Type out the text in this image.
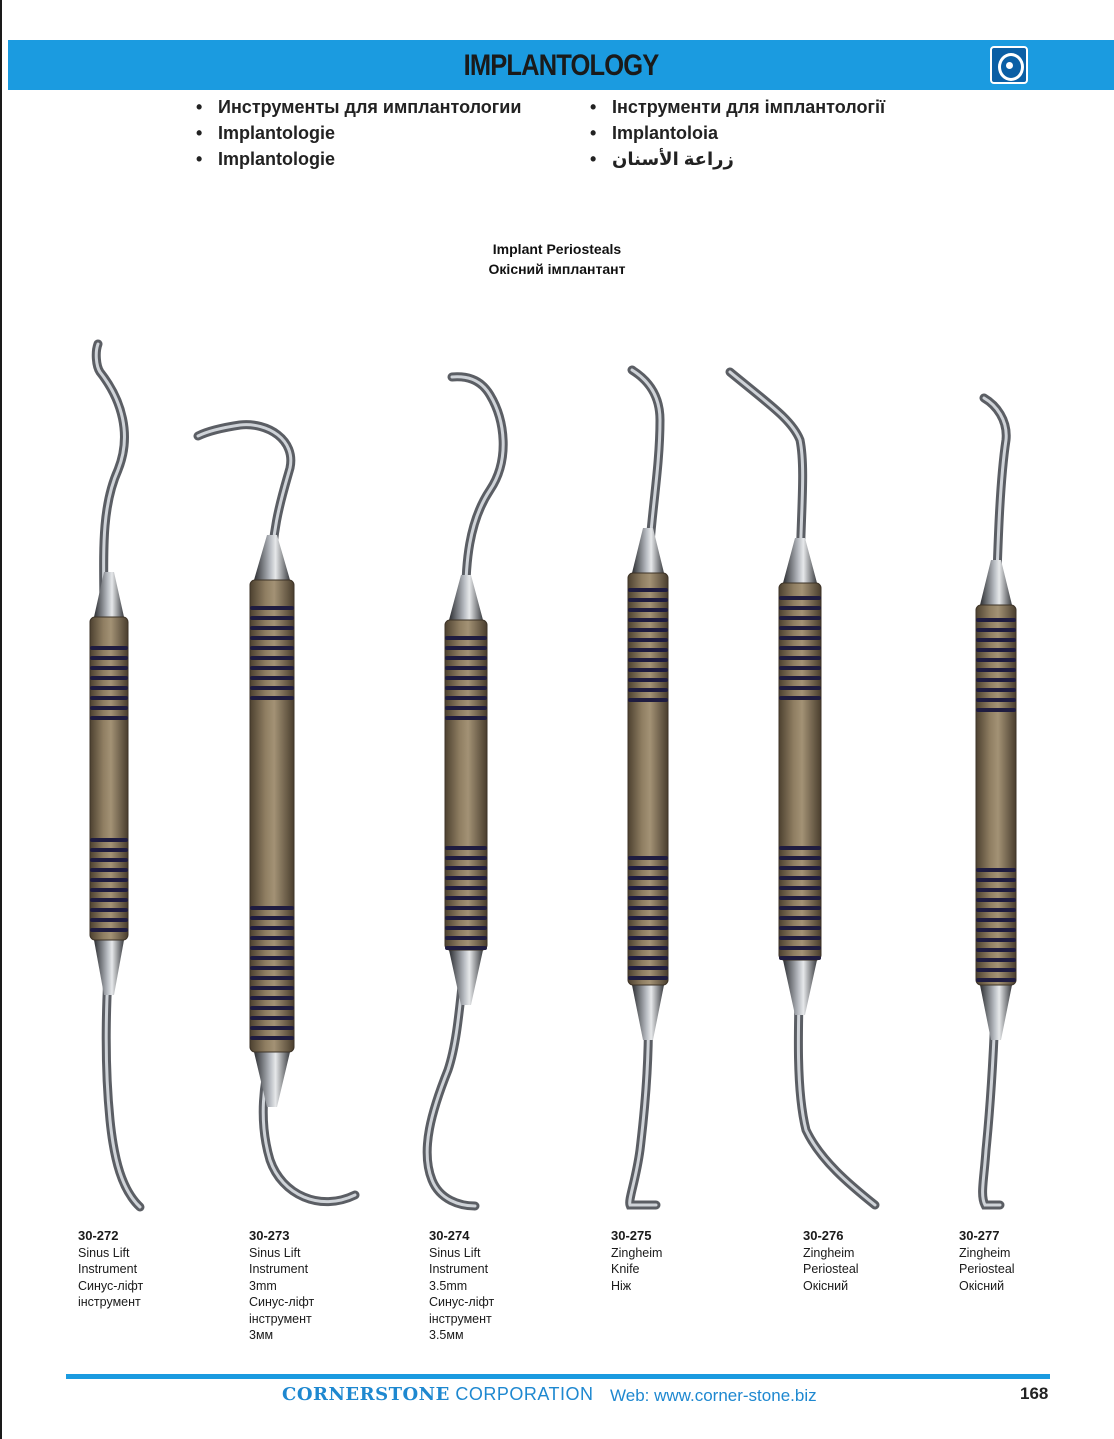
IMPLANTOLOGY
• Инструменты для имплантологии
• Implantologie
• Implantologie
• Інструменти для імплантології
• Implantoloia
• زراعة الأسنان
Implant Periosteals
Окісний імплантант
30-272
Sinus Lift
Instrument
Синус-ліфт
інструмент
30-273
Sinus Lift
Instrument
3mm
Синус-ліфт
інструмент
3мм
30-274
Sinus Lift
Instrument
3.5mm
Синус-ліфт
інструмент
3.5мм
30-275
Zingheim
Knife
Ніж
30-276
Zingheim
Periosteal
Окісний
30-277
Zingheim
Periosteal
Окісний
CORNERSTONE CORPORATION Web: www.corner-stone.biz	168
